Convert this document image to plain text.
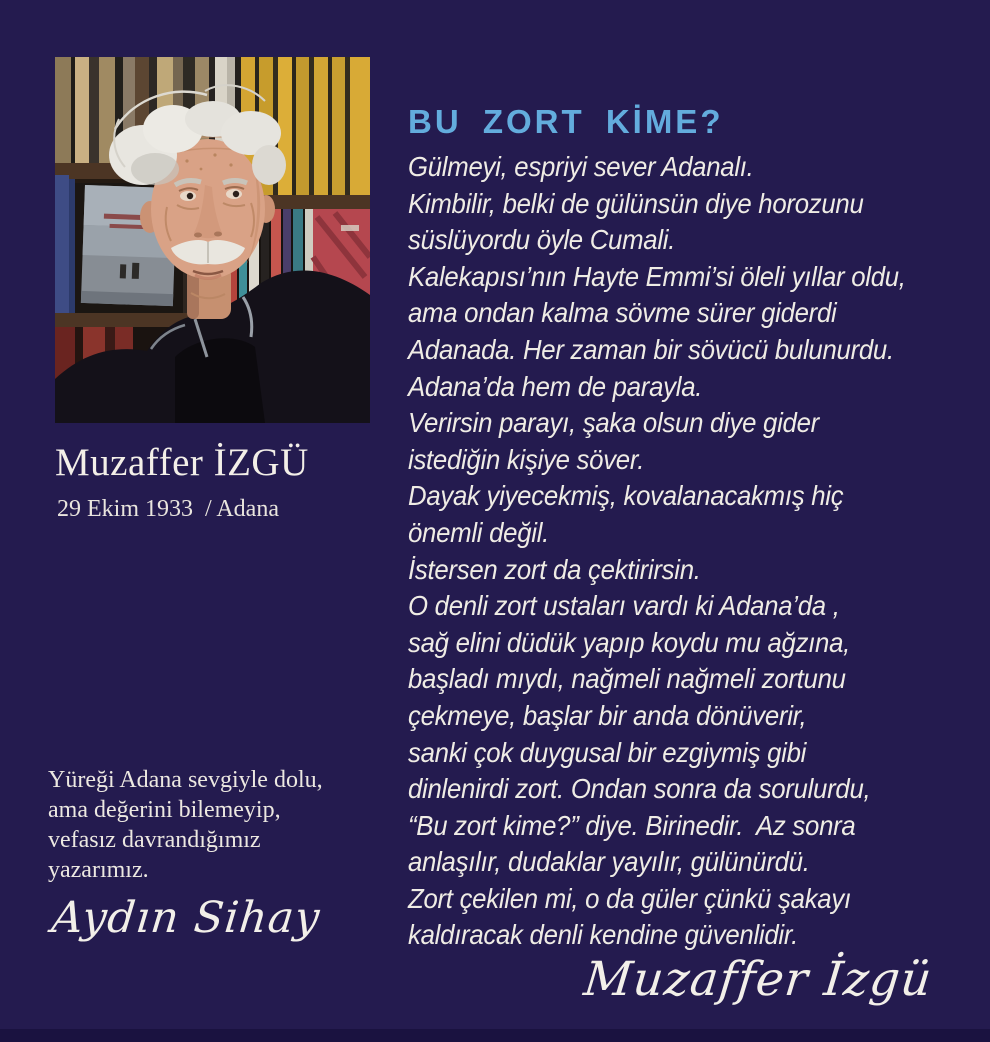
Muzaffer İZGÜ
29 Ekim 1933  / Adana
Yüreği Adana sevgiyle dolu,
ama değerini bilemeyip,
vefasız davrandığımız
yazarımız.
Aydın Sihay
BU ZORT KİME?
Gülmeyi, espriyi sever Adanalı.
Kimbilir, belki de gülünsün diye horozunu
süslüyordu öyle Cumali.
Kalekapısı’nın Hayte Emmi’si öleli yıllar oldu,
ama ondan kalma sövme sürer giderdi
Adanada. Her zaman bir sövücü bulunurdu.
Adana’da hem de parayla.
Verirsin parayı, şaka olsun diye gider
istediğin kişiye söver.
Dayak yiyecekmiş, kovalanacakmış hiç
önemli değil.
İstersen zort da çektirirsin.
O denli zort ustaları vardı ki Adana’da ,
sağ elini düdük yapıp koydu mu ağzına,
başladı mıydı, nağmeli nağmeli zortunu
çekmeye, başlar bir anda dönüverir,
sanki çok duygusal bir ezgiymiş gibi
dinlenirdi zort. Ondan sonra da sorulurdu,
“Bu zort kime?” diye. Birinedir.  Az sonra
anlaşılır, dudaklar yayılır, gülünürdü.
Zort çekilen mi, o da güler çünkü şakayı
kaldıracak denli kendine güvenlidir.
Muzaffer İzgü
